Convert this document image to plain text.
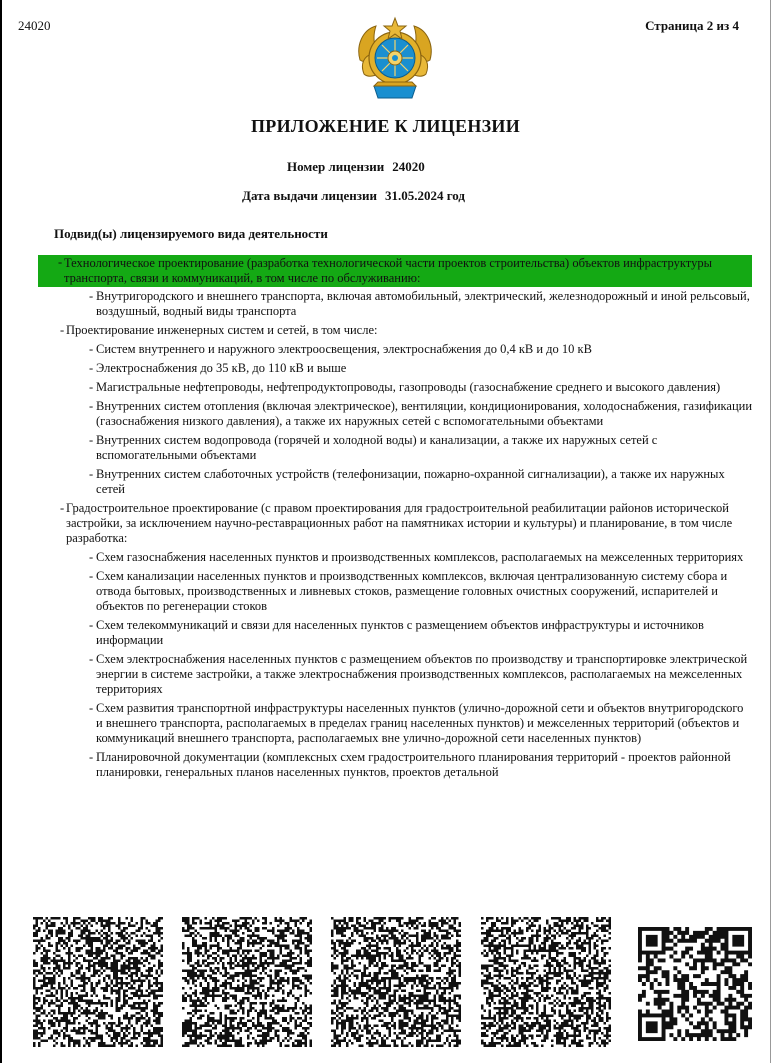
24020	Страница 2 из 4
ПРИЛОЖЕНИЕ К ЛИЦЕНЗИИ
Номер лицензии 24020
Дата выдачи лицензии 31.05.2024 год
Подвид(ы) лицензируемого вида деятельности
- Технологическое проектирование (разработка технологической части проектов строительства) объектов инфраструктуры транспорта, связи и коммуникаций, в том числе по обслуживанию:
- Внутригородского и внешнего транспорта, включая автомобильный, электрический, железнодорожный и иной рельсовый, воздушный, водный виды транспорта
- Проектирование инженерных систем и сетей, в том числе:
- Систем внутреннего и наружного электроосвещения, электроснабжения до 0,4 кВ и до 10 кВ
- Электроснабжения до 35 кВ, до 110 кВ и выше
- Магистральные нефтепроводы, нефтепродуктопроводы, газопроводы (газоснабжение среднего и высокого давления)
- Внутренних систем отопления (включая электрическое), вентиляции, кондиционирования, холодоснабжения, газификации (газоснабжения низкого давления), а также их наружных сетей с вспомогательными объектами
- Внутренних систем водопровода (горячей и холодной воды) и канализации, а также их наружных сетей с вспомогательными объектами
- Внутренних систем слаботочных устройств (телефонизации, пожарно-охранной сигнализации), а также их наружных сетей
- Градостроительное проектирование (с правом проектирования для градостроительной реабилитации районов исторической застройки, за исключением научно-реставрационных работ на памятниках истории и культуры) и планирование, в том числе разработка:
- Схем газоснабжения населенных пунктов и производственных комплексов, располагаемых на межселенных территориях
- Схем канализации населенных пунктов и производственных комплексов, включая централизованную систему сбора и отвода бытовых, производственных и ливневых стоков, размещение головных очистных сооружений, испарителей и объектов по регенерации стоков
- Схем телекоммуникаций и связи для населенных пунктов с размещением объектов инфраструктуры и источников информации
- Схем электроснабжения населенных пунктов с размещением объектов по производству и транспортировке электрической энергии в системе застройки, а также электроснабжения производственных комплексов, располагаемых на межселенных территориях
- Схем развития транспортной инфраструктуры населенных пунктов (улично-дорожной сети и объектов внутригородского и внешнего транспорта, располагаемых в пределах границ населенных пунктов) и межселенных территорий (объектов и коммуникаций внешнего транспорта, располагаемых вне улично-дорожной сети населенных пунктов)
- Планировочной документации (комплексных схем градостроительного планирования территорий - проектов районной планировки, генеральных планов населенных пунктов, проектов детальной
